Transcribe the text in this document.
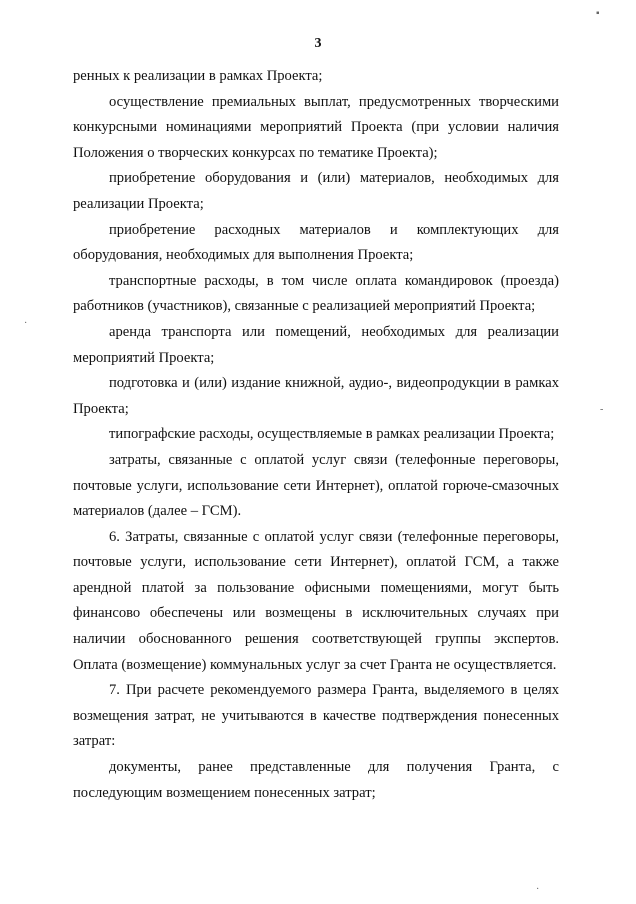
3

ренных к реализации в рамках Проекта;

осуществление премиальных выплат, предусмотренных творческими конкурсными номинациями мероприятий Проекта (при условии наличия Положения о творческих конкурсах по тематике Проекта);

приобретение оборудования и (или) материалов, необходимых для реализации Проекта;

приобретение расходных материалов и комплектующих для оборудования, необходимых для выполнения Проекта;

транспортные расходы, в том числе оплата командировок (проезда) работников (участников), связанные с реализацией мероприятий Проекта;

аренда транспорта или помещений, необходимых для реализации мероприятий Проекта;

подготовка и (или) издание книжной, аудио-, видеопродукции в рамках Проекта;

типографские расходы, осуществляемые в рамках реализации Проекта;

затраты, связанные с оплатой услуг связи (телефонные переговоры, почтовые услуги, использование сети Интернет), оплатой горюче-смазочных материалов (далее – ГСМ).

6. Затраты, связанные с оплатой услуг связи (телефонные переговоры, почтовые услуги, использование сети Интернет), оплатой ГСМ, а также арендной платой за пользование офисными помещениями, могут быть финансово обеспечены или возмещены в исключительных случаях при наличии обоснованного решения соответствующей группы экспертов. Оплата (возмещение) коммунальных услуг за счет Гранта не осуществляется.

7. При расчете рекомендуемого размера Гранта, выделяемого в целях возмещения затрат, не учитываются в качестве подтверждения понесенных затрат:

документы, ранее представленные для получения Гранта, с последующим возмещением понесенных затрат;

▪
·
-
·
